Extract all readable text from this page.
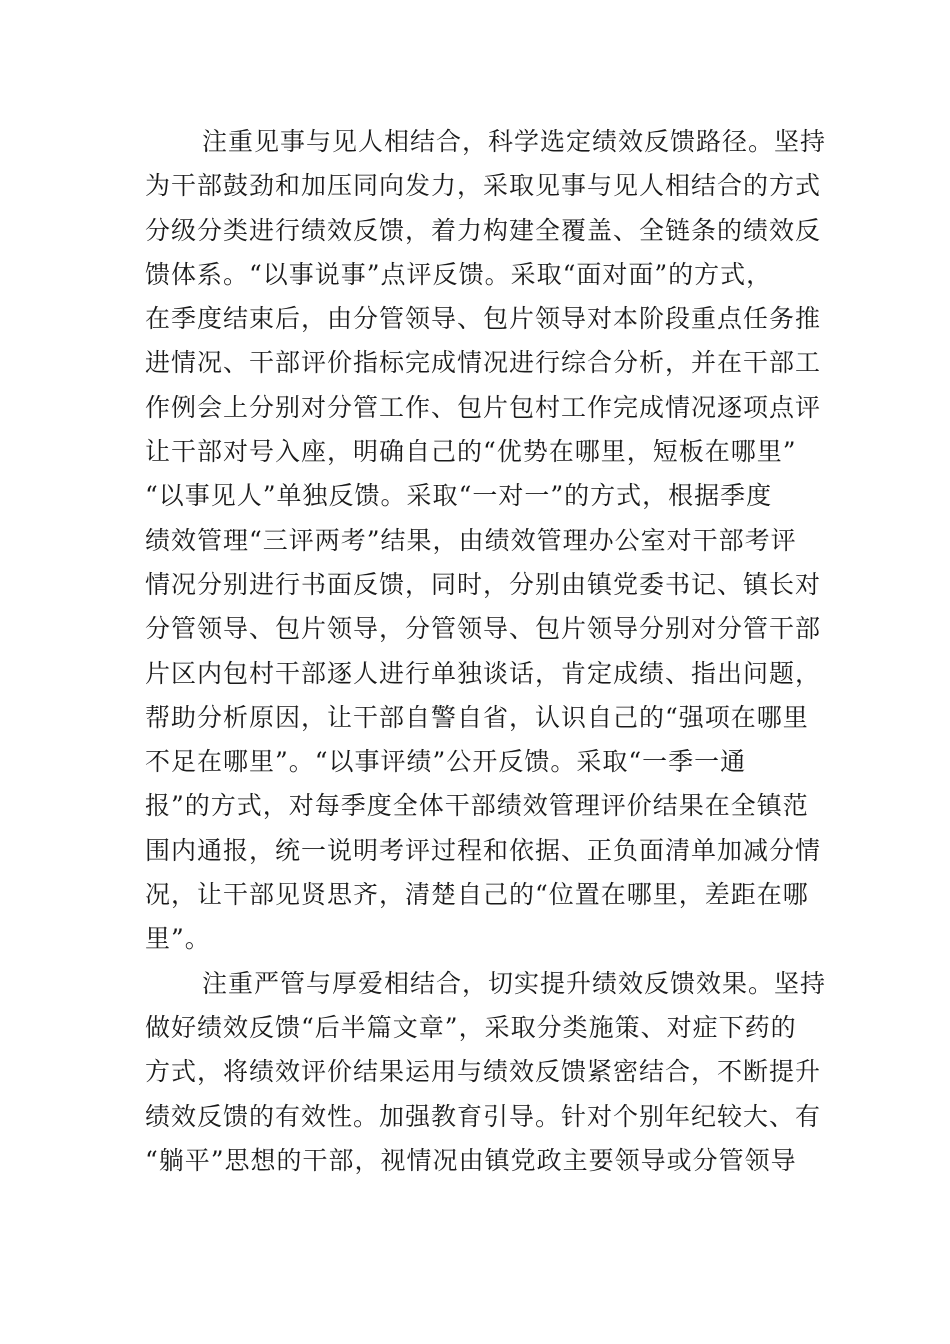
注重见事与见人相结合，科学选定绩效反馈路径。坚持
为干部鼓劲和加压同向发力，采取见事与见人相结合的方式
分级分类进行绩效反馈，着力构建全覆盖、全链条的绩效反
馈体系。“以事说事”点评反馈。采取“面对面”的方式，
在季度结束后，由分管领导、包片领导对本阶段重点任务推
进情况、干部评价指标完成情况进行综合分析，并在干部工
作例会上分别对分管工作、包片包村工作完成情况逐项点评
让干部对号入座，明确自己的“优势在哪里，短板在哪里”
“以事见人”单独反馈。采取“一对一”的方式，根据季度
绩效管理“三评两考”结果，由绩效管理办公室对干部考评
情况分别进行书面反馈，同时，分别由镇党委书记、镇长对
分管领导、包片领导，分管领导、包片领导分别对分管干部
片区内包村干部逐人进行单独谈话，肯定成绩、指出问题，
帮助分析原因，让干部自警自省，认识自己的“强项在哪里
不足在哪里”。“以事评绩”公开反馈。采取“一季一通
报”的方式，对每季度全体干部绩效管理评价结果在全镇范
围内通报，统一说明考评过程和依据、正负面清单加减分情
况，让干部见贤思齐，清楚自己的“位置在哪里，差距在哪
里”。
注重严管与厚爱相结合，切实提升绩效反馈效果。坚持
做好绩效反馈“后半篇文章”，采取分类施策、对症下药的
方式，将绩效评价结果运用与绩效反馈紧密结合，不断提升
绩效反馈的有效性。加强教育引导。针对个别年纪较大、有
“躺平”思想的干部，视情况由镇党政主要领导或分管领导
